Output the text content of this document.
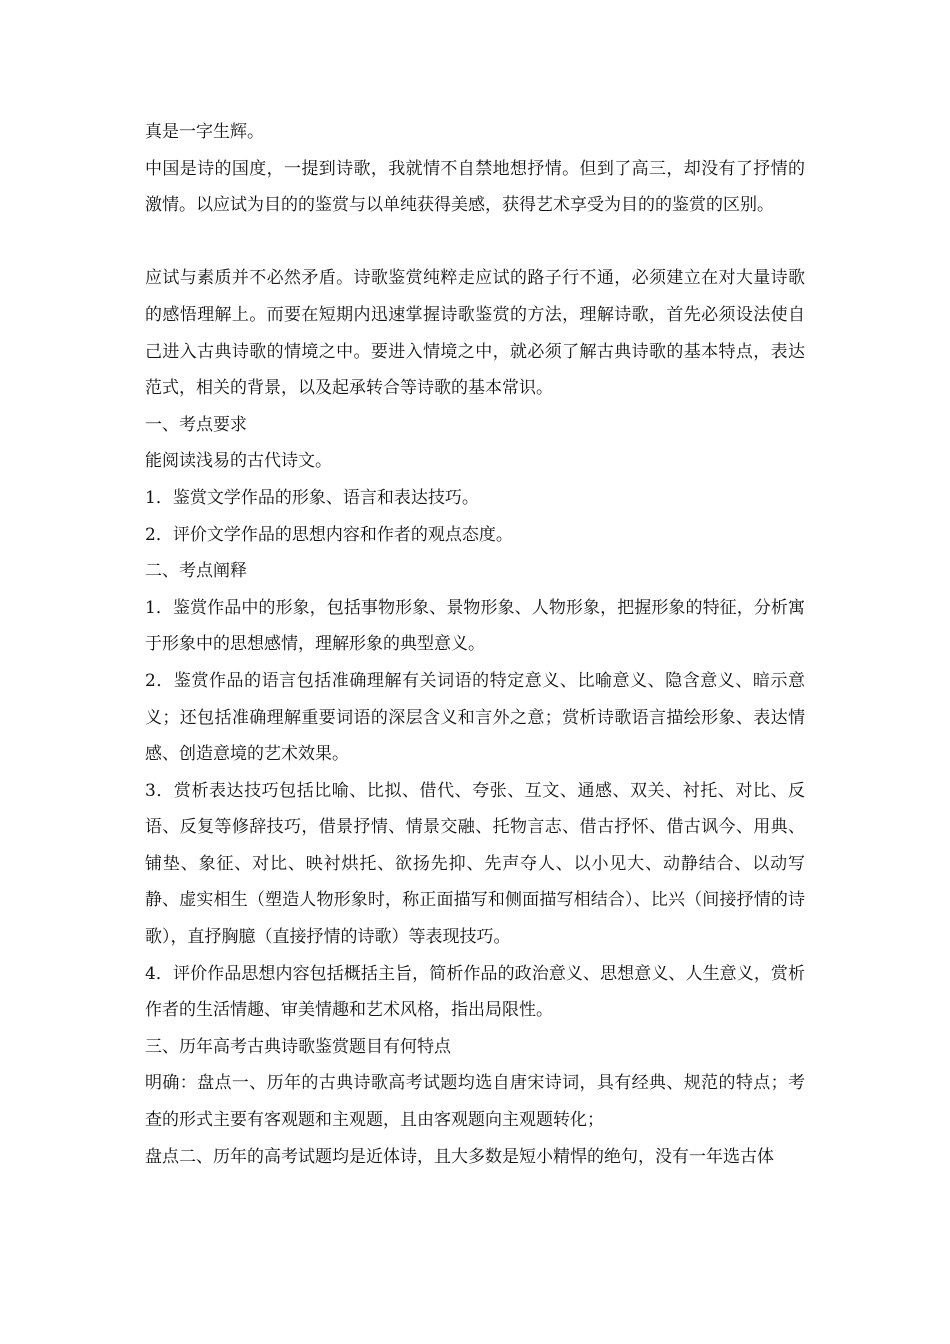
真是一字生辉。

中国是诗的国度，一提到诗歌，我就情不自禁地想抒情。但到了高三，却没有了抒情的激情。以应试为目的的鉴赏与以单纯获得美感，获得艺术享受为目的的鉴赏的区别。

应试与素质并不必然矛盾。诗歌鉴赏纯粹走应试的路子行不通，必须建立在对大量诗歌的感悟理解上。而要在短期内迅速掌握诗歌鉴赏的方法，理解诗歌，首先必须设法使自己进入古典诗歌的情境之中。要进入情境之中，就必须了解古典诗歌的基本特点，表达范式，相关的背景，以及起承转合等诗歌的基本常识。

一、考点要求

能阅读浅易的古代诗文。

1．鉴赏文学作品的形象、语言和表达技巧。

2．评价文学作品的思想内容和作者的观点态度。

二、考点阐释

1．鉴赏作品中的形象，包括事物形象、景物形象、人物形象，把握形象的特征，分析寓于形象中的思想感情，理解形象的典型意义。

2．鉴赏作品的语言包括准确理解有关词语的特定意义、比喻意义、隐含意义、暗示意义；还包括准确理解重要词语的深层含义和言外之意；赏析诗歌语言描绘形象、表达情感、创造意境的艺术效果。

3．赏析表达技巧包括比喻、比拟、借代、夸张、互文、通感、双关、衬托、对比、反语、反复等修辞技巧，借景抒情、情景交融、托物言志、借古抒怀、借古讽今、用典、铺垫、象征、对比、映衬烘托、欲扬先抑、先声夺人、以小见大、动静结合、以动写静、虚实相生（塑造人物形象时，称正面描写和侧面描写相结合）、比兴（间接抒情的诗歌），直抒胸臆（直接抒情的诗歌）等表现技巧。

4．评价作品思想内容包括概括主旨，简析作品的政治意义、思想意义、人生意义，赏析作者的生活情趣、审美情趣和艺术风格，指出局限性。

三、历年高考古典诗歌鉴赏题目有何特点

明确：盘点一、历年的古典诗歌高考试题均选自唐宋诗词，具有经典、规范的特点；考查的形式主要有客观题和主观题，且由客观题向主观题转化；

盘点二、历年的高考试题均是近体诗，且大多数是短小精悍的绝句，没有一年选古体
